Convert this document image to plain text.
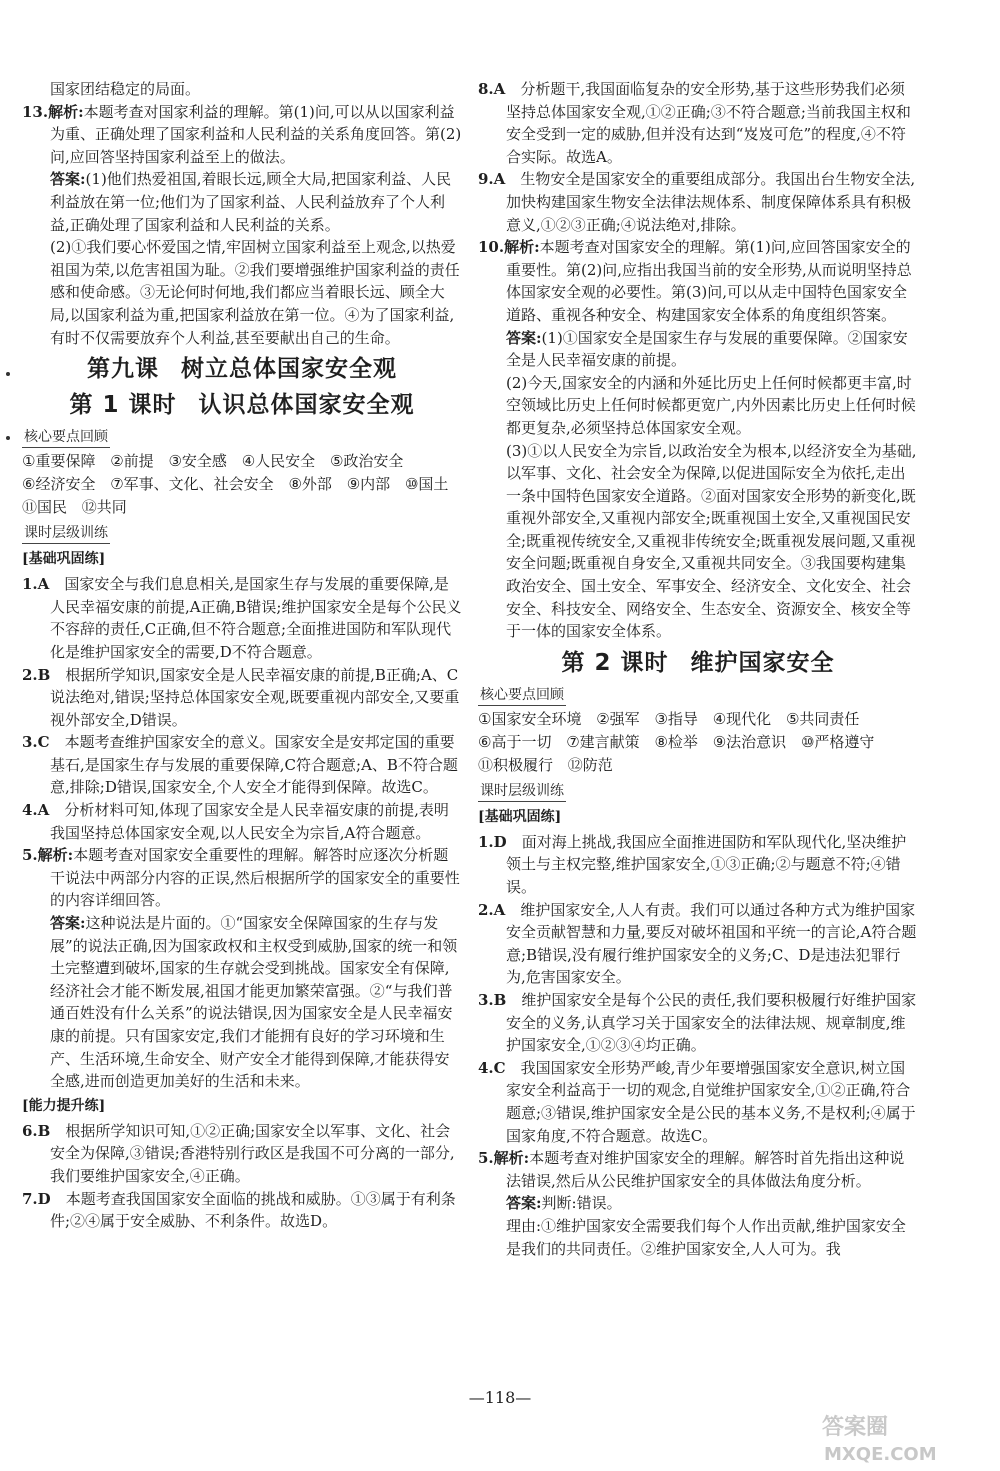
国家团结稳定的局面。

13.解析:本题考查对国家利益的理解。第(1)问,可以从以国家利益为重、正确处理了国家利益和人民利益的关系角度回答。第(2)问,应回答坚持国家利益至上的做法。

答案:(1)他们热爱祖国,着眼长远,顾全大局,把国家利益、人民利益放在第一位;他们为了国家利益、人民利益放弃了个人利益,正确处理了国家利益和人民利益的关系。

(2)①我们要心怀爱国之情,牢固树立国家利益至上观念,以热爱祖国为荣,以危害祖国为耻。②我们要增强维护国家利益的责任感和使命感。③无论何时何地,我们都应当着眼长远、顾全大局,以国家利益为重,把国家利益放在第一位。④为了国家利益,有时不仅需要放弃个人利益,甚至要献出自己的生命。

第九课 树立总体国家安全观
第 1 课时 认识总体国家安全观
核心要点回顾
①重要保障 ②前提 ③安全感 ④人民安全 ⑤政治安全 ⑥经济安全 ⑦军事、文化、社会安全 ⑧外部 ⑨内部 ⑩国土 ⑪国民 ⑫共同
课时层级训练
[基础巩固练]

1.A　 国家安全与我们息息相关,是国家生存与发展的重要保障,是人民幸福安康的前提,A正确,B错误;维护国家安全是每个公民义不容辞的责任,C正确,但不符合题意;全面推进国防和军队现代化是维护国家安全的需要,D不符合题意。

2.B　 根据所学知识,国家安全是人民幸福安康的前提,B正确;A、C说法绝对,错误;坚持总体国家安全观,既要重视内部安全,又要重视外部安全,D错误。

3.C　 本题考查维护国家安全的意义。国家安全是安邦定国的重要基石,是国家生存与发展的重要保障,C符合题意;A、B不符合题意,排除;D错误,国家安全,个人安全才能得到保障。故选C。

4.A　 分析材料可知,体现了国家安全是人民幸福安康的前提,表明我国坚持总体国家安全观,以人民安全为宗旨,A符合题意。

5.解析:本题考查对国家安全重要性的理解。解答时应逐次分析题干说法中两部分内容的正误,然后根据所学的国家安全的重要性的内容详细回答。

答案:这种说法是片面的。①“国家安全保障国家的生存与发展”的说法正确,因为国家政权和主权受到威胁,国家的统一和领土完整遭到破坏,国家的生存就会受到挑战。国家安全有保障,经济社会才能不断发展,祖国才能更加繁荣富强。②“与我们普通百姓没有什么关系”的说法错误,因为国家安全是人民幸福安康的前提。只有国家安定,我们才能拥有良好的学习环境和生产、生活环境,生命安全、财产安全才能得到保障,才能获得安全感,进而创造更加美好的生活和未来。

[能力提升练]

6.B　 根据所学知识可知,①②正确;国家安全以军事、文化、社会安全为保障,③错误;香港特别行政区是我国不可分离的一部分,我们要维护国家安全,④正确。

7.D　 本题考查我国国家安全面临的挑战和威胁。①③属于有利条件;②④属于安全威胁、不利条件。故选D。

8.A　 分析题干,我国面临复杂的安全形势,基于这些形势我们必须坚持总体国家安全观,①②正确;③不符合题意;当前我国主权和安全受到一定的威胁,但并没有达到“岌岌可危”的程度,④不符合实际。故选A。

9.A　 生物安全是国家安全的重要组成部分。我国出台生物安全法,加快构建国家生物安全法律法规体系、制度保障体系具有积极意义,①②③正确;④说法绝对,排除。

10.解析:本题考查对国家安全的理解。第(1)问,应回答国家安全的重要性。第(2)问,应指出我国当前的安全形势,从而说明坚持总体国家安全观的必要性。第(3)问,可以从走中国特色国家安全道路、重视各种安全、构建国家安全体系的角度组织答案。

答案:(1)①国家安全是国家生存与发展的重要保障。②国家安全是人民幸福安康的前提。

(2)今天,国家安全的内涵和外延比历史上任何时候都更丰富,时空领域比历史上任何时候都更宽广,内外因素比历史上任何时候都更复杂,必须坚持总体国家安全观。

(3)①以人民安全为宗旨,以政治安全为根本,以经济安全为基础,以军事、文化、社会安全为保障,以促进国际安全为依托,走出一条中国特色国家安全道路。②面对国家安全形势的新变化,既重视外部安全,又重视内部安全;既重视国土安全,又重视国民安全;既重视传统安全,又重视非传统安全;既重视发展问题,又重视安全问题;既重视自身安全,又重视共同安全。③我国要构建集政治安全、国土安全、军事安全、经济安全、文化安全、社会安全、科技安全、网络安全、生态安全、资源安全、核安全等于一体的国家安全体系。

第 2 课时 维护国家安全
核心要点回顾
①国家安全环境 ②强军 ③指导 ④现代化 ⑤共同责任 ⑥高于一切 ⑦建言献策 ⑧检举 ⑨法治意识 ⑩严格遵守 ⑪积极履行 ⑫防范
课时层级训练
[基础巩固练]

1.D　 面对海上挑战,我国应全面推进国防和军队现代化,坚决维护领土与主权完整,维护国家安全,①③正确;②与题意不符;④错误。

2.A　 维护国家安全,人人有责。我们可以通过各种方式为维护国家安全贡献智慧和力量,要反对破坏祖国和平统一的言论,A符合题意;B错误,没有履行维护国家安全的义务;C、D是违法犯罪行为,危害国家安全。

3.B　 维护国家安全是每个公民的责任,我们要积极履行好维护国家安全的义务,认真学习关于国家安全的法律法规、规章制度,维护国家安全,①②③④均正确。

4.C　 我国国家安全形势严峻,青少年要增强国家安全意识,树立国家安全利益高于一切的观念,自觉维护国家安全,①②正确,符合题意;③错误,维护国家安全是公民的基本义务,不是权利;④属于国家角度,不符合题意。故选C。

5.解析:本题考查对维护国家安全的理解。解答时首先指出这种说法错误,然后从公民维护国家安全的具体做法角度分析。

答案:判断:错误。

理由:①维护国家安全需要我们每个人作出贡献,维护国家安全是我们的共同责任。②维护国家安全,人人可为。我

—118—
答案圈
MXQE.COM
